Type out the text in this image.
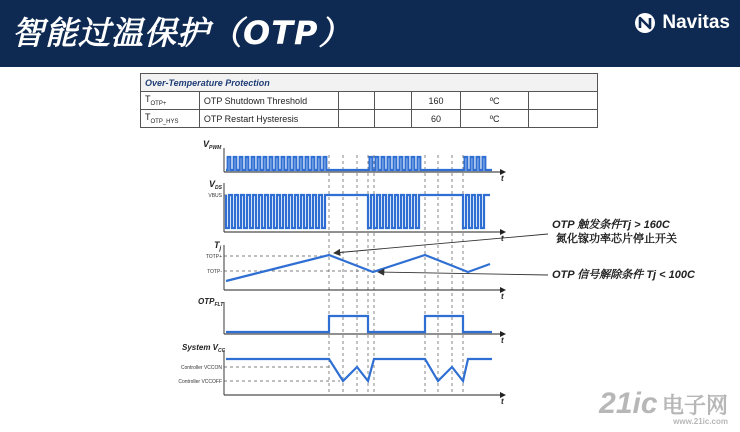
智能过温保护（OTP）	Navitas
Over-Temperature Protection						
$T_{OTP+}$	OTP Shutdown Threshold			160	ºC	
$T_{OTP\_HYS}$	OTP Restart Hysteresis			60	ºC	
$V_{PWM}$
$V_{DS}$
$T_j$
$OTP_{FLT}$
System $V_{CC}$
VBUS
TOTP+
TOTP-
Controller VCCON
Controller VCCOFF
t
t
t
t
t
OTP 触发条件Tj > 160C
氮化镓功率芯片停止开关
OTP 信号解除条件 Tj < 100C
21ic 电子网
www.21ic.com
